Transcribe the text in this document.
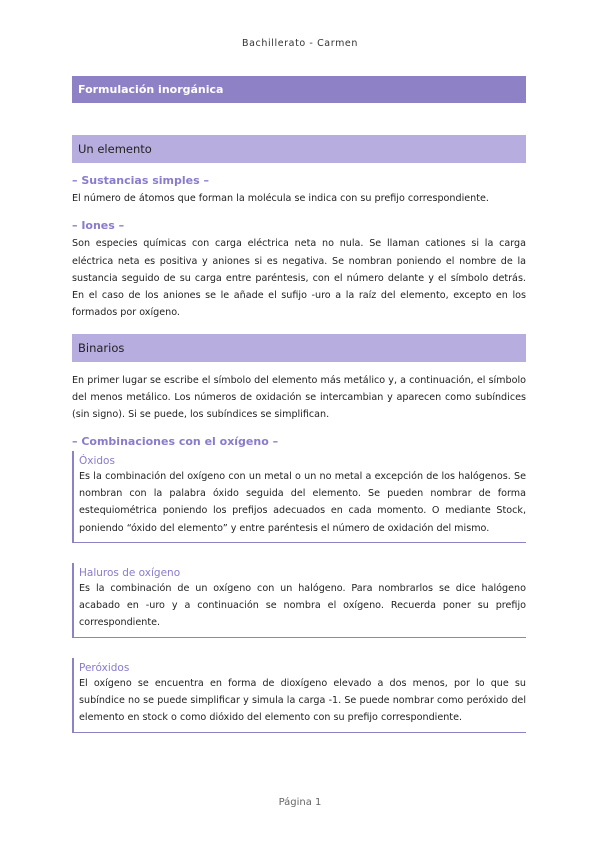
Bachillerato - Carmen
Formulación inorgánica
Un elemento
– Sustancias simples –
El número de átomos que forman la molécula se indica con su prefijo correspondiente.
– Iones –
Son especies químicas con carga eléctrica neta no nula. Se llaman cationes si la carga eléctrica neta es positiva y aniones si es negativa. Se nombran poniendo el nombre de la sustancia seguido de su carga entre paréntesis, con el número delante y el símbolo detrás. En el caso de los aniones se le añade el sufijo -uro a la raíz del elemento, excepto en los formados por oxígeno.
Binarios
En primer lugar se escribe el símbolo del elemento más metálico y, a continuación, el símbolo del menos metálico. Los números de oxidación se intercambian y aparecen como subíndices (sin signo). Si se puede, los subíndices se simplifican.
– Combinaciones con el oxígeno –
Óxidos
Es la combinación del oxígeno con un metal o un no metal a excepción de los halógenos. Se nombran con la palabra óxido seguida del elemento. Se pueden nombrar de forma estequiométrica poniendo los prefijos adecuados en cada momento. O mediante Stock, poniendo “óxido del elemento” y entre paréntesis el número de oxidación del mismo.
Haluros de oxígeno
Es la combinación de un oxígeno con un halógeno. Para nombrarlos se dice halógeno acabado en -uro y a continuación se nombra el oxígeno. Recuerda poner su prefijo correspondiente.
Peróxidos
El oxígeno se encuentra en forma de dioxígeno elevado a dos menos, por lo que su subíndice no se puede simplificar y simula la carga -1. Se puede nombrar como peróxido del elemento en stock o como dióxido del elemento con su prefijo correspondiente.
Página 1
